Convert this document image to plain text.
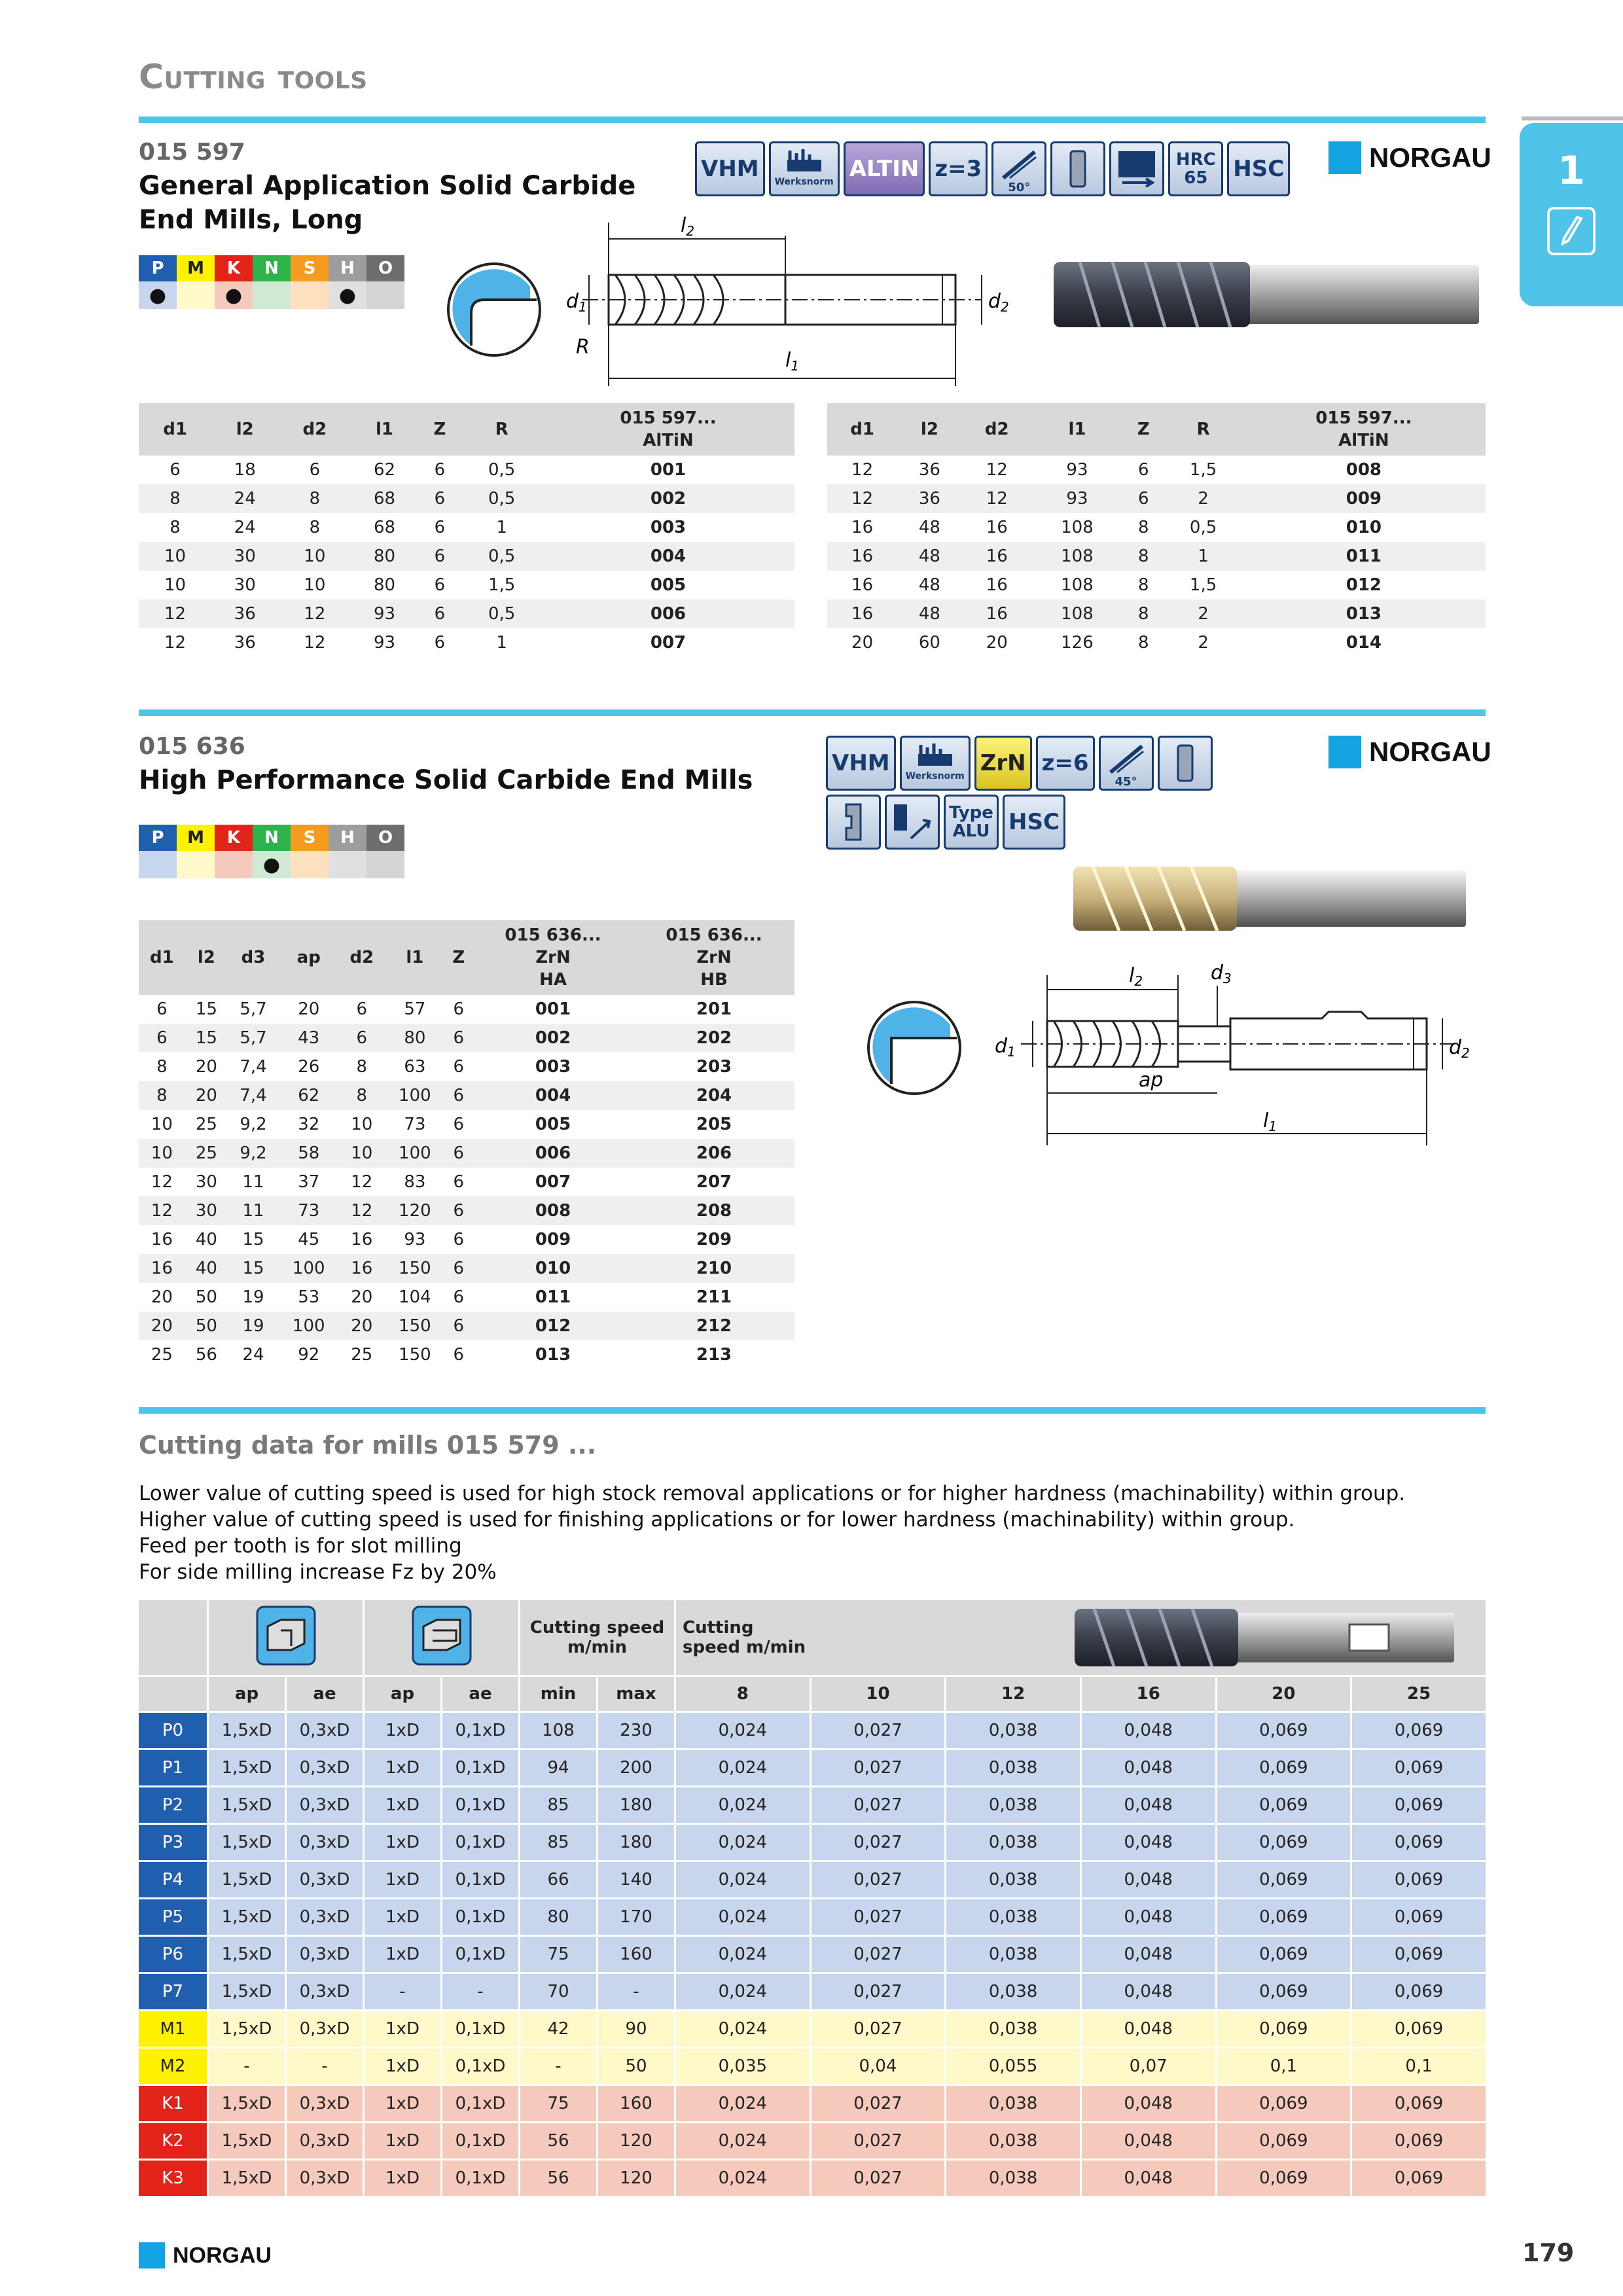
Cutting tools
1
015 597
General Application Solid Carbide
End Mills, Long
VHM	Werksnorm ALTIN z=3
50°
HRC 65	HSC	NORGAU
P	M	K	N	S	H	O
●		●			●	
$l_2$
$d_1$	$d_2$
R
$l_1$
d1	l2	d2	l1	Z	R	015 597...
AlTiN
6	18	6	62	6	0,5	001
8	24	8	68	6	0,5	002
8	24	8	68	6	1	003
10	30	10	80	6	0,5	004
10	30	10	80	6	1,5	005
12	36	12	93	6	0,5	006
12	36	12	93	6	1	007
d1	l2	d2	l1	Z	R	015 597...
AlTiN
12	36	12	93	6	1,5	008
12	36	12	93	6	2	009
16	48	16	108	8	0,5	010
16	48	16	108	8	1	011
16	48	16	108	8	1,5	012
16	48	16	108	8	2	013
20	60	20	126	8	2	014
015 636
High Performance Solid Carbide End Mills
VHM	Werksnorm ZrN z=6
45°
Type ALU HSC
NORGAU
P	M	K	N	S	H	O
			●			
$l_2$	$d_3$
$d_1$	$d_2$
ap
$l_1$
d1	l2	d3	ap	d2	l1	Z	015 636...
ZrN
HA	015 636...
ZrN
HB
6	15	5,7	20	6	57	6	001	201
6	15	5,7	43	6	80	6	002	202
8	20	7,4	26	8	63	6	003	203
8	20	7,4	62	8	100	6	004	204
10	25	9,2	32	10	73	6	005	205
10	25	9,2	58	10	100	6	006	206
12	30	11	37	12	83	6	007	207
12	30	11	73	12	120	6	008	208
16	40	15	45	16	93	6	009	209
16	40	15	100	16	150	6	010	210
20	50	19	53	20	104	6	011	211
20	50	19	100	20	150	6	012	212
25	56	24	92	25	150	6	013	213
Cutting data for mills 015 579 ...
Lower value of cutting speed is used for high stock removal applications or for higher hardness (machinability) within group.
Higher value of cutting speed is used for finishing applications or for lower hardness (machinability) within group.
Feed per tooth is for slot milling
For side milling increase Fz by 20%
			Cutting speed m/min		Cutting speed m/min					
	ap	ae	ap	ae	min	max	8	10	12	16	20	25
P0	1,5xD	0,3xD	1xD	0,1xD	108	230	0,024	0,027	0,038	0,048	0,069	0,069
P1	1,5xD	0,3xD	1xD	0,1xD	94	200	0,024	0,027	0,038	0,048	0,069	0,069
P2	1,5xD	0,3xD	1xD	0,1xD	85	180	0,024	0,027	0,038	0,048	0,069	0,069
P3	1,5xD	0,3xD	1xD	0,1xD	85	180	0,024	0,027	0,038	0,048	0,069	0,069
P4	1,5xD	0,3xD	1xD	0,1xD	66	140	0,024	0,027	0,038	0,048	0,069	0,069
P5	1,5xD	0,3xD	1xD	0,1xD	80	170	0,024	0,027	0,038	0,048	0,069	0,069
P6	1,5xD	0,3xD	1xD	0,1xD	75	160	0,024	0,027	0,038	0,048	0,069	0,069
P7	1,5xD	0,3xD	-	-	70	-	0,024	0,027	0,038	0,048	0,069	0,069
M1	1,5xD	0,3xD	1xD	0,1xD	42	90	0,024	0,027	0,038	0,048	0,069	0,069
M2	-	-	1xD	0,1xD	-	50	0,035	0,04	0,055	0,07	0,1	0,1
K1	1,5xD	0,3xD	1xD	0,1xD	75	160	0,024	0,027	0,038	0,048	0,069	0,069
K2	1,5xD	0,3xD	1xD	0,1xD	56	120	0,024	0,027	0,038	0,048	0,069	0,069
K3	1,5xD	0,3xD	1xD	0,1xD	56	120	0,024	0,027	0,038	0,048	0,069	0,069
NORGAU	179
